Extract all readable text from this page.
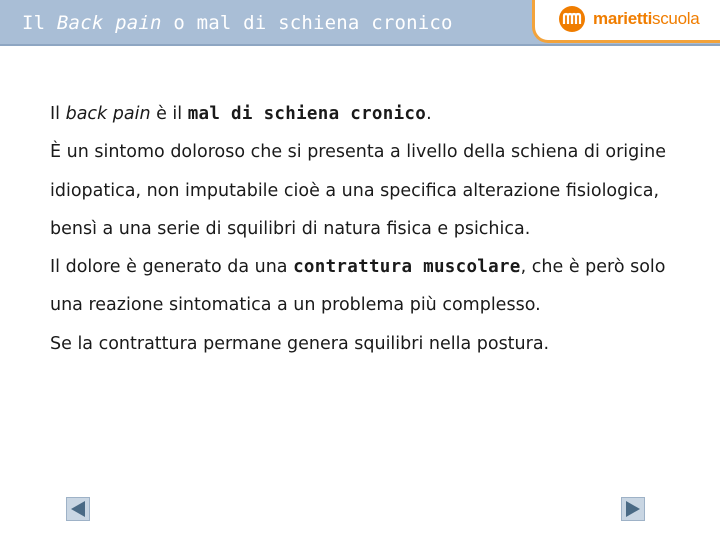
Il Back pain o mal di schiena cronico	mariettiscuola

Il back pain è il mal di schiena cronico.

È un sintomo doloroso che si presenta a livello della schiena di origine idiopatica, non imputabile cioè a una specifica alterazione fisiologica, bensì a una serie di squilibri di natura fisica e psichica.

Il dolore è generato da una contrattura muscolare, che è però solo una reazione sintomatica a un problema più complesso.

Se la contrattura permane genera squilibri nella postura.
